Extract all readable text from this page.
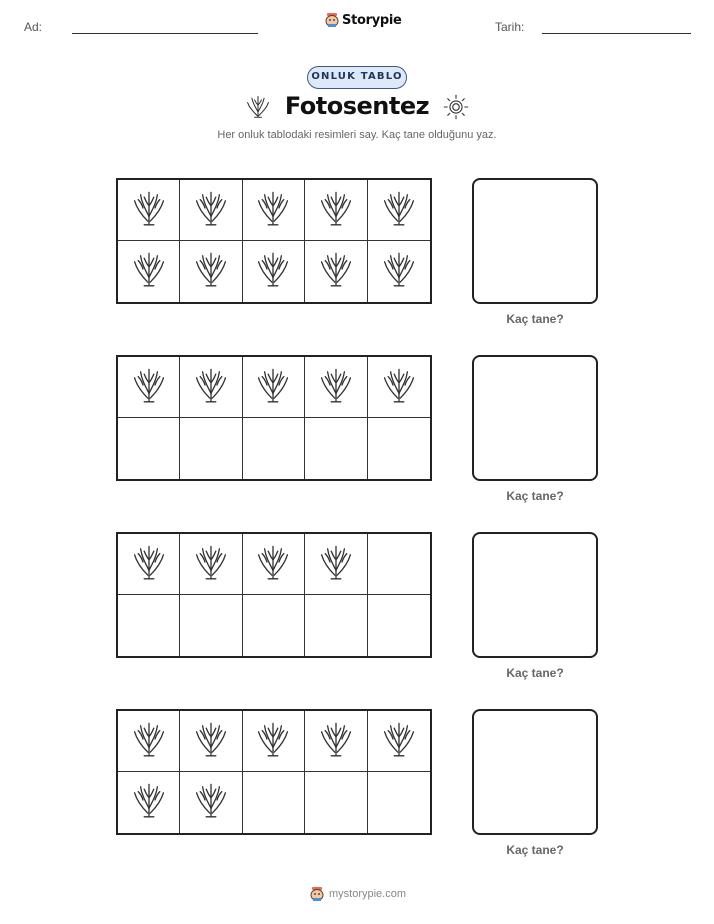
Ad:	Storypie	Tarih:
ONLUK TABLO
Fotosentez
Her onluk tablodaki resimleri say. Kaç tane olduğunu yaz.
Kaç tane?
Kaç tane?
Kaç tane?
Kaç tane?
mystorypie.com
